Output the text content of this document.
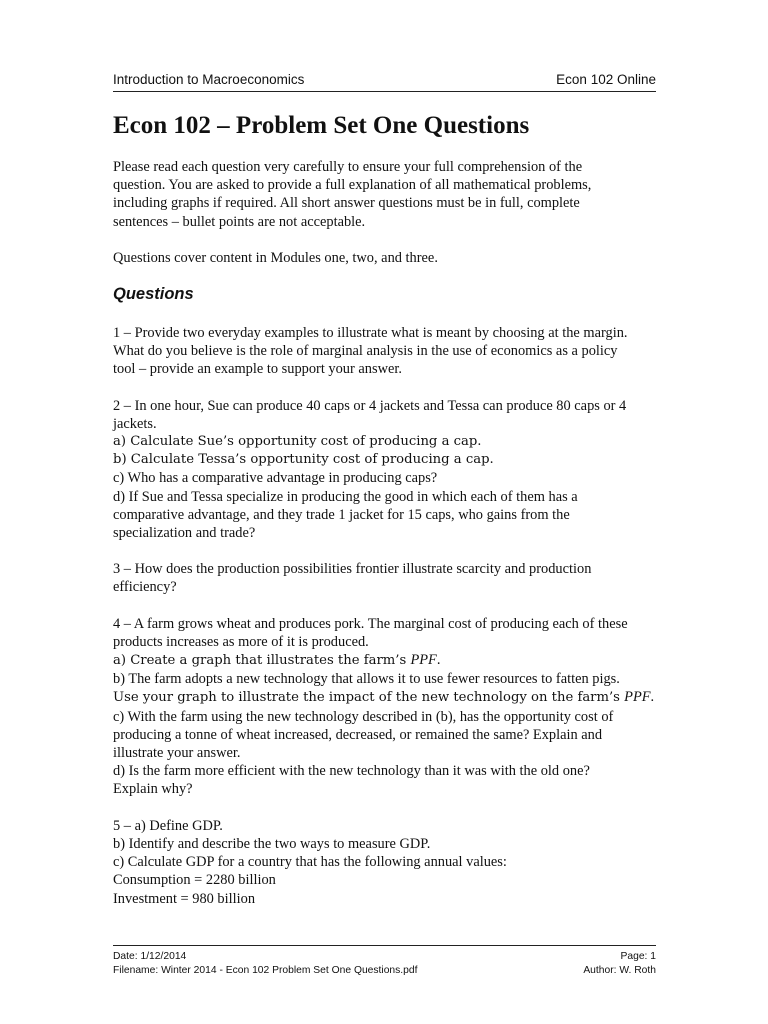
Introduction to Macroeconomics	Econ 102 Online
Econ 102 – Problem Set One Questions

Please read each question very carefully to ensure your full comprehension of the
question. You are asked to provide a full explanation of all mathematical problems,
including graphs if required. All short answer questions must be in full, complete
sentences – bullet points are not acceptable.

Questions cover content in Modules one, two, and three.

Questions
1 – Provide two everyday examples to illustrate what is meant by choosing at the margin.
What do you believe is the role of marginal analysis in the use of economics as a policy
tool – provide an example to support your answer.
2 – In one hour, Sue can produce 40 caps or 4 jackets and Tessa can produce 80 caps or 4
jackets.
a) Calculate Sue’s opportunity cost of producing a cap.
b) Calculate Tessa’s opportunity cost of producing a cap.
c) Who has a comparative advantage in producing caps?
d) If Sue and Tessa specialize in producing the good in which each of them has a
comparative advantage, and they trade 1 jacket for 15 caps, who gains from the
specialization and trade?
3 – How does the production possibilities frontier illustrate scarcity and production
efficiency?
4 – A farm grows wheat and produces pork. The marginal cost of producing each of these
products increases as more of it is produced.
a) Create a graph that illustrates the farm’s PPF.
b) The farm adopts a new technology that allows it to use fewer resources to fatten pigs.
Use your graph to illustrate the impact of the new technology on the farm’s PPF.
c) With the farm using the new technology described in (b), has the opportunity cost of
producing a tonne of wheat increased, decreased, or remained the same? Explain and
illustrate your answer.
d) Is the farm more efficient with the new technology than it was with the old one?
Explain why?
5 – a) Define GDP.
b) Identify and describe the two ways to measure GDP.
c) Calculate GDP for a country that has the following annual values:
Consumption = 2280 billion
Investment = 980 billion
Date: 1/12/2014	Page: 1
Filename: Winter 2014 - Econ 102 Problem Set One Questions.pdf	Author: W. Roth
